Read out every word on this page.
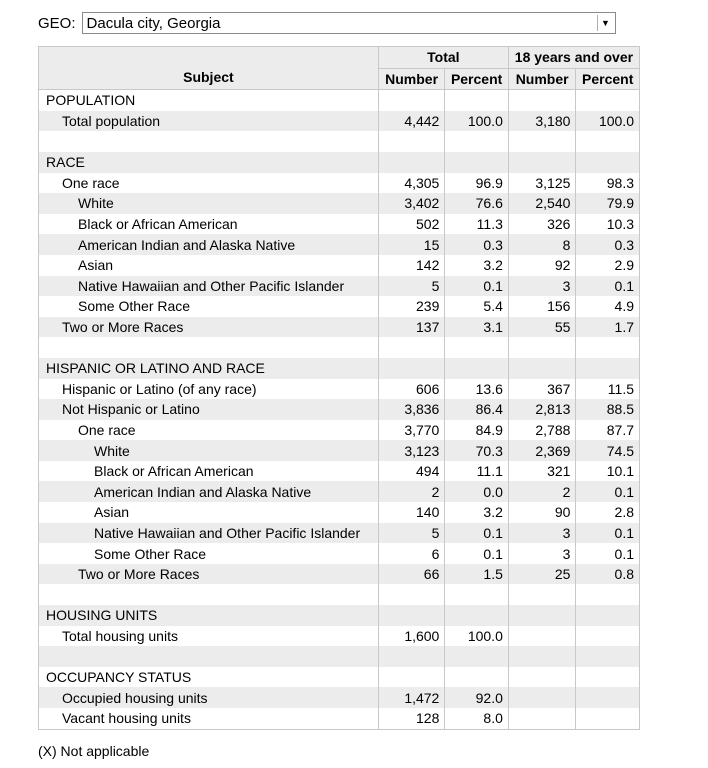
GEO: Dacula city, Georgia	▼
Subject	Total		18 years and over	
	Number	Percent	Number	Percent
POPULATION				
Total population	4,442	100.0	3,180	100.0

RACE				
One race	4,305	96.9	3,125	98.3
White	3,402	76.6	2,540	79.9
Black or African American	502	11.3	326	10.3
American Indian and Alaska Native	15	0.3	8	0.3
Asian	142	3.2	92	2.9
Native Hawaiian and Other Pacific Islander	5	0.1	3	0.1
Some Other Race	239	5.4	156	4.9
Two or More Races	137	3.1	55	1.7

HISPANIC OR LATINO AND RACE				
Hispanic or Latino (of any race)	606	13.6	367	11.5
Not Hispanic or Latino	3,836	86.4	2,813	88.5
One race	3,770	84.9	2,788	87.7
White	3,123	70.3	2,369	74.5
Black or African American	494	11.1	321	10.1
American Indian and Alaska Native	2	0.0	2	0.1
Asian	140	3.2	90	2.8
Native Hawaiian and Other Pacific Islander	5	0.1	3	0.1
Some Other Race	6	0.1	3	0.1
Two or More Races	66	1.5	25	0.8

HOUSING UNITS				
Total housing units	1,600	100.0		

OCCUPANCY STATUS				
Occupied housing units	1,472	92.0		
Vacant housing units	128	8.0		
(X) Not applicable
